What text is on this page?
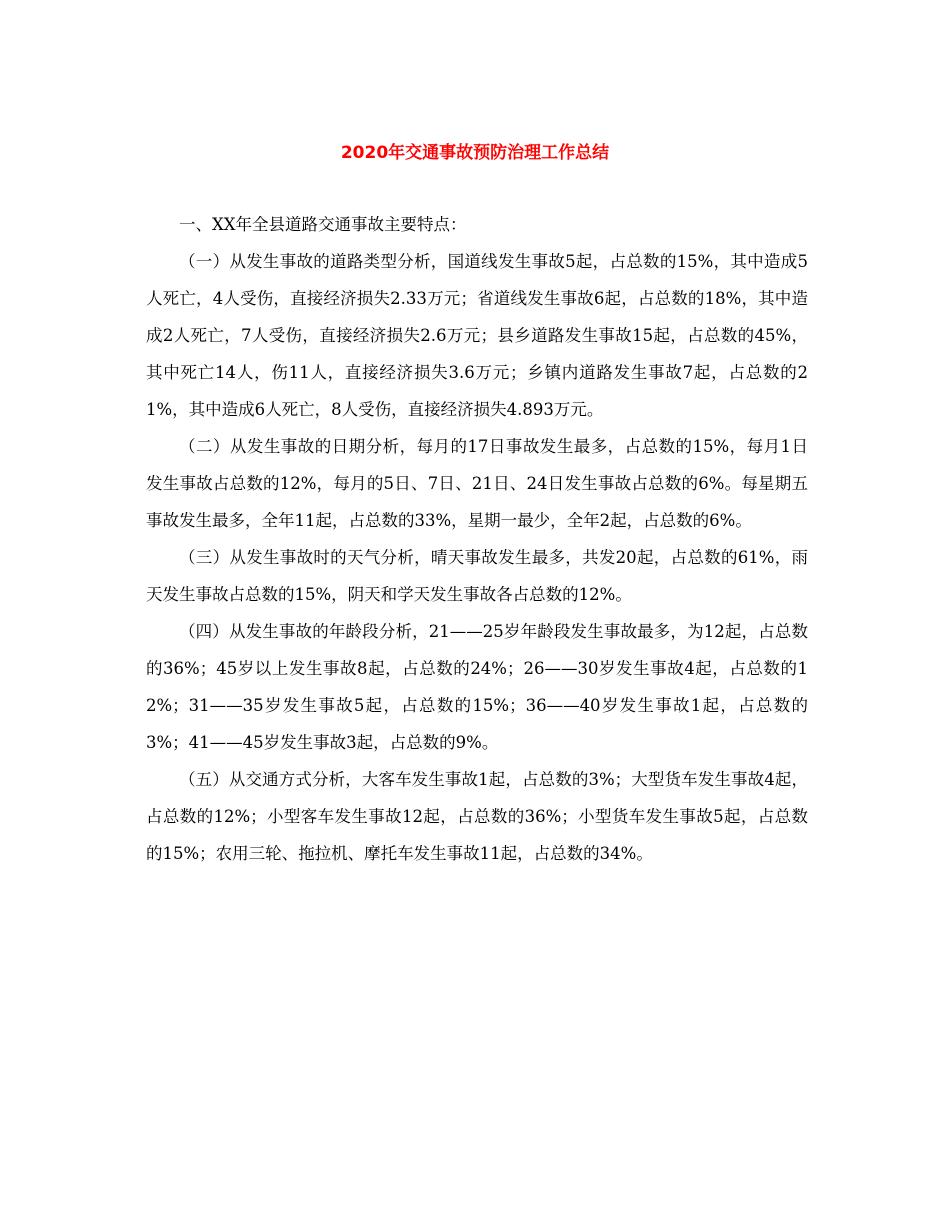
2020年交通事故预防治理工作总结

一、XX年全县道路交通事故主要特点：

（一）从发生事故的道路类型分析，国道线发生事故5起，占总数的15%，其中造成5人死亡，4人受伤，直接经济损失2.33万元；省道线发生事故6起，占总数的18%，其中造成2人死亡，7人受伤，直接经济损失2.6万元；县乡道路发生事故15起，占总数的45%，其中死亡14人，伤11人，直接经济损失3.6万元；乡镇内道路发生事故7起，占总数的21%，其中造成6人死亡，8人受伤，直接经济损失4.893万元。

（二）从发生事故的日期分析，每月的17日事故发生最多，占总数的15%，每月1日发生事故占总数的12%，每月的5日、7日、21日、24日发生事故占总数的6%。每星期五事故发生最多，全年11起，占总数的33%，星期一最少，全年2起，占总数的6%。

（三）从发生事故时的天气分析，晴天事故发生最多，共发20起，占总数的61%，雨天发生事故占总数的15%，阴天和学天发生事故各占总数的12%。

（四）从发生事故的年龄段分析，21——25岁年龄段发生事故最多，为12起，占总数的36%；45岁以上发生事故8起，占总数的24%；26——30岁发生事故4起，占总数的12%；31——35岁发生事故5起，占总数的15%；36——40岁发生事故1起，占总数的3%；41——45岁发生事故3起，占总数的9%。

（五）从交通方式分析，大客车发生事故1起，占总数的3%；大型货车发生事故4起，占总数的12%；小型客车发生事故12起，占总数的36%；小型货车发生事故5起，占总数的15%；农用三轮、拖拉机、摩托车发生事故11起，占总数的34%。
